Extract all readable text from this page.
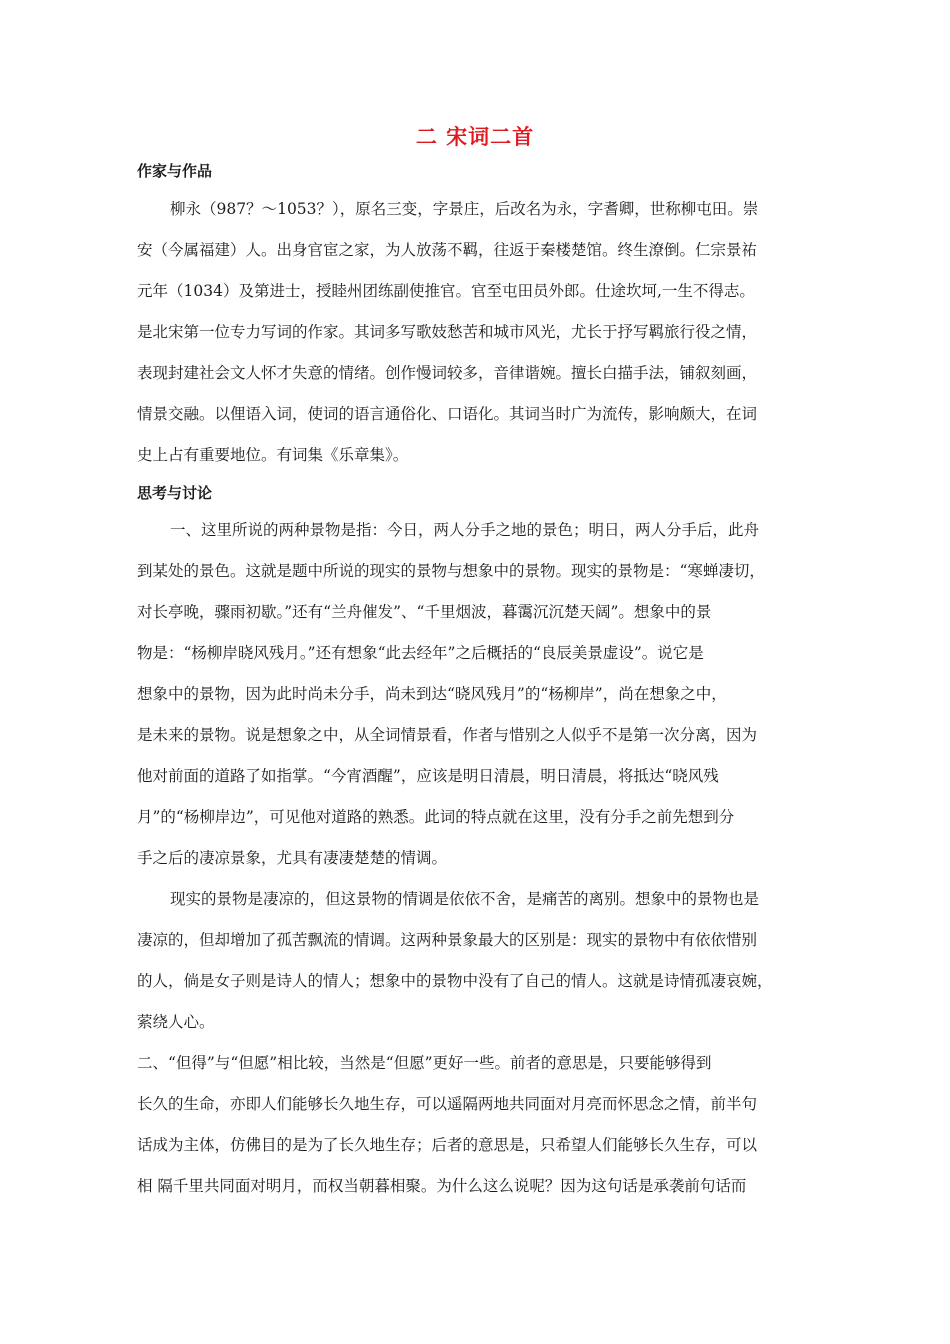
二 宋词二首
作家与作品
柳永（987？～1053？），原名三变，字景庄，后改名为永，字耆卿，世称柳屯田。崇
安（今属福建）人。出身官宦之家，为人放荡不羁，往返于秦楼楚馆。终生潦倒。仁宗景祐
元年（1034）及第进士，授睦州团练副使推官。官至屯田员外郎。仕途坎坷,一生不得志。
是北宋第一位专力写词的作家。其词多写歌妓愁苦和城市风光，尤长于抒写羁旅行役之情，
表现封建社会文人怀才失意的情绪。创作慢词较多，音律谐婉。擅长白描手法，铺叙刻画，
情景交融。以俚语入词，使词的语言通俗化、口语化。其词当时广为流传，影响颇大，在词
史上占有重要地位。有词集《乐章集》。
思考与讨论
一、这里所说的两种景物是指：今日，两人分手之地的景色；明日，两人分手后，此舟
到某处的景色。这就是题中所说的现实的景物与想象中的景物。现实的景物是：“寒蝉凄切，
对长亭晚，骤雨初歇。”还有“兰舟催发”、“千里烟波，暮霭沉沉楚天阔”。想象中的景
物是：“杨柳岸晓风残月。”还有想象“此去经年”之后概括的“良辰美景虚设”。说它是
想象中的景物，因为此时尚未分手，尚未到达“晓风残月”的“杨柳岸”，尚在想象之中，
是未来的景物。说是想象之中，从全词情景看，作者与惜别之人似乎不是第一次分离，因为
他对前面的道路了如指掌。“今宵酒醒”，应该是明日清晨，明日清晨，将抵达“晓风残
月”的“杨柳岸边”，可见他对道路的熟悉。此词的特点就在这里，没有分手之前先想到分
手之后的凄凉景象，尤具有凄凄楚楚的情调。
现实的景物是凄凉的，但这景物的情调是依依不舍，是痛苦的离别。想象中的景物也是
凄凉的，但却增加了孤苦飘流的情调。这两种景象最大的区别是：现实的景物中有依依惜别
的人，倘是女子则是诗人的情人；想象中的景物中没有了自己的情人。这就是诗情孤凄哀婉，
萦绕人心。
二、“但得”与“但愿”相比较，当然是“但愿”更好一些。前者的意思是，只要能够得到
长久的生命，亦即人们能够长久地生存，可以遥隔两地共同面对月亮而怀思念之情，前半句
话成为主体，仿佛目的是为了长久地生存；后者的意思是，只希望人们能够长久生存，可以
相 隔千里共同面对明月，而权当朝暮相聚。为什么这么说呢？因为这句话是承袭前句话而
